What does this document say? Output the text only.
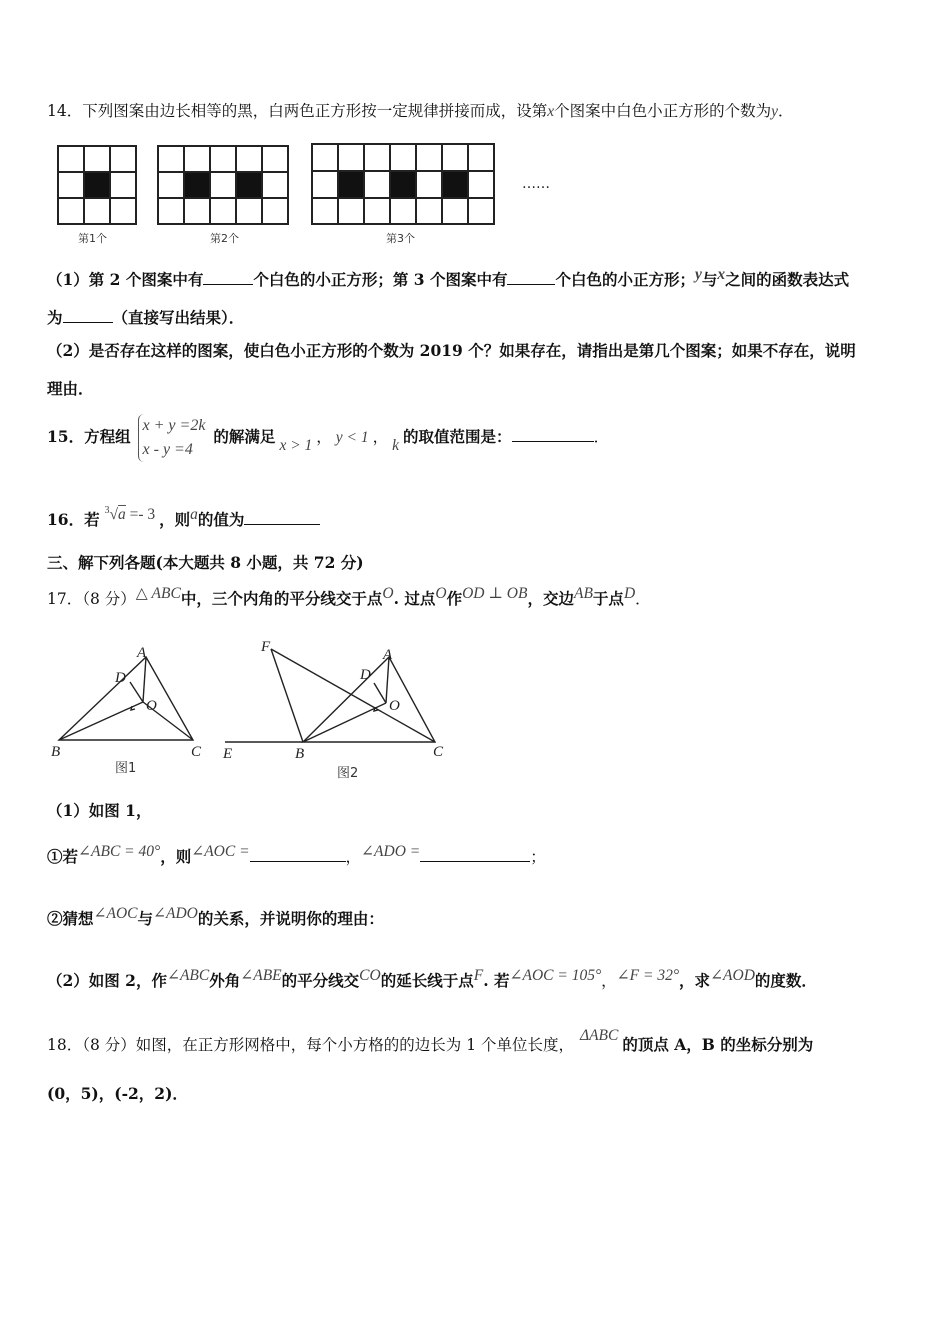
14．下列图案由边长相等的黑，白两色正方形按一定规律拼接而成，设第x个图案中白色小正方形的个数为y．
……
第1个	第2个	第3个
（1）第 2 个图案中有	个白色的小正方形；第 3 个图案中有	个白色的小正方形；y与x之间的函数表达式
为	（直接写出结果）．
（2）是否存在这样的图案，使白色小正方形的个数为 2019 个？如果存在，请指出是第几个图案；如果不存在，说明
理由．
15．方程组 x + y =2k
x - y =4的解满足 x > 1 ， y < 1 ， k 的取值范围是：	．
16．若 $^3$√a =- 3 ，则a的值为
三、解下列各题(本大题共 8 小题，共 72 分)
17．（8 分）△ ABC中，三个内角的平分线交于点O. 过点O作OD ⊥ OB，交边AB于点D．
A
D
O
B	C
F	A
D
O
E	B	C
图1	图2
（1）如图 1，
①若∠ABC = 40°，则∠AOC =	，∠ADO =	；
②猜想∠AOC与∠ADO的关系，并说明你的理由：
（2）如图 2，作∠ABC外角∠ABE的平分线交CO的延长线于点F. 若∠AOC = 105°，∠F = 32°，求∠AOD的度数．
18．（8 分）如图，在正方形网格中，每个小方格的的边长为 1 个单位长度，ΔABC 的顶点 A，B 的坐标分别为
(0，5)，(-2，2)．
